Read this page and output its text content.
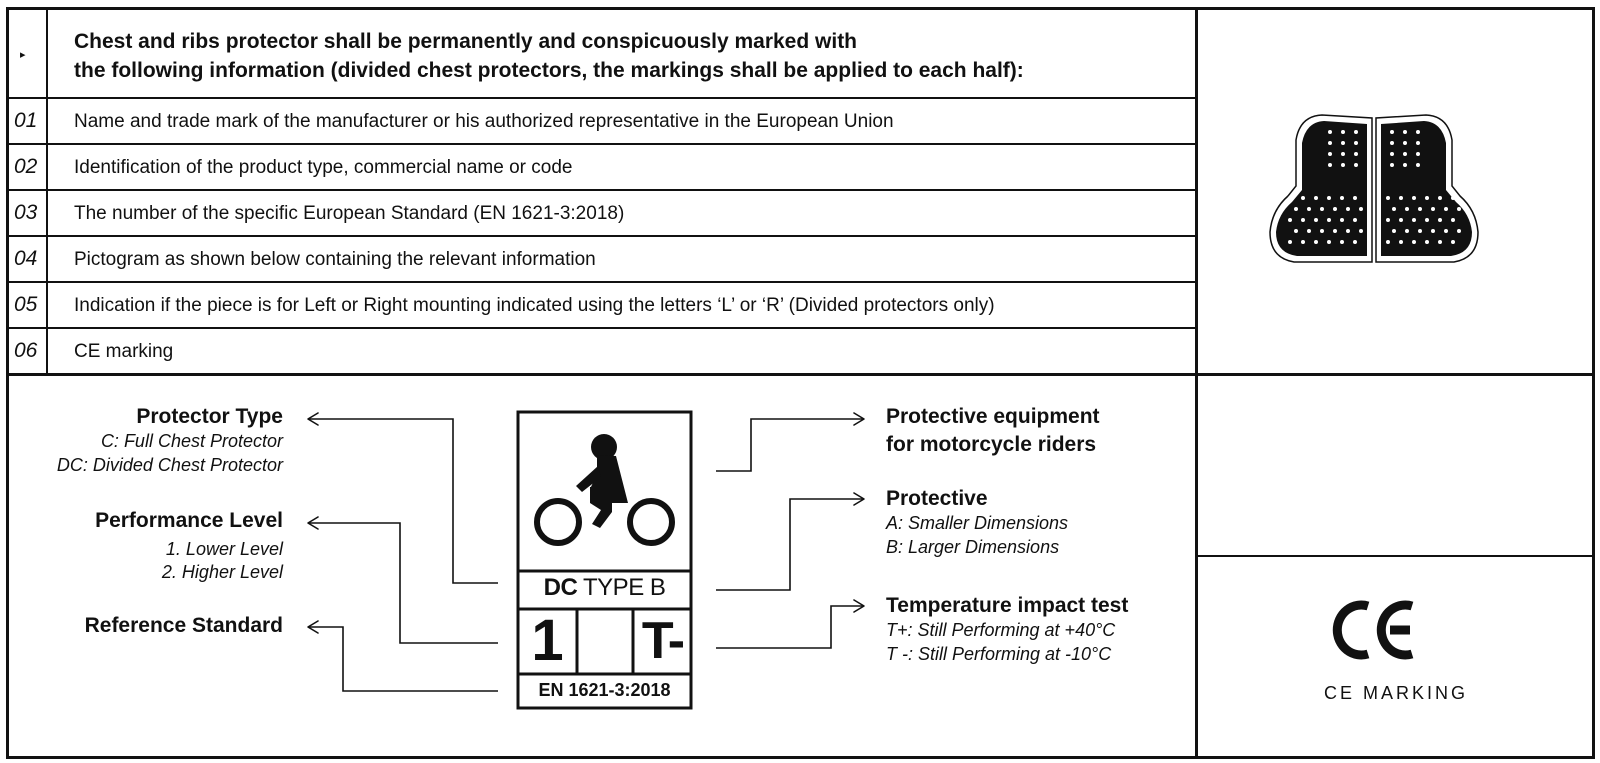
▸
Chest and ribs protector shall be permanently and conspicuously marked with
the following information (divided chest protectors, the markings shall be applied to each half):
01 Name and trade mark of the manufacturer or his authorized representative in the European Union
02 Identification of the product type, commercial name or code
03 The number of the specific European Standard (EN 1621-3:2018)
04 Pictogram as shown below containing the relevant information
05 Indication if the piece is for Left or Right mounting indicated using the letters ‘L’ or ‘R’ (Divided protectors only)
06 CE marking
Protector Type
C: Full Chest Protector
DC: Divided Chest Protector
Performance Level
1. Lower Level
2. Higher Level
Reference Standard
Protective equipment
for motorcycle riders
Protective
A: Smaller Dimensions
B: Larger Dimensions
Temperature impact test
T+: Still Performing at +40°C
T -: Still Performing at -10°C
DC TYPE B
1 T-
EN 1621-3:2018	CE MARKING
